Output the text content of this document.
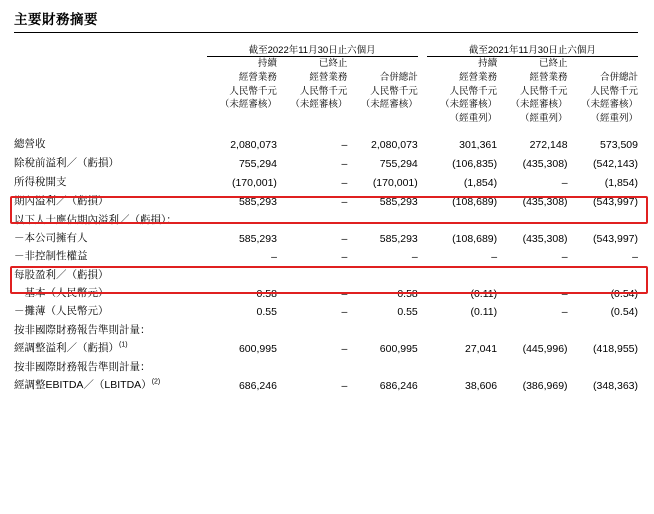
主要財務摘要
	截至2022年11月30日止六個月				截至2021年11月30日止六個月		
	持續	已終止			持續	已終止	
	經營業務	經營業務	合併總計		經營業務	經營業務	合併總計
	人民幣千元	人民幣千元	人民幣千元		人民幣千元	人民幣千元	人民幣千元
	（未經審核）	（未經審核）	（未經審核）		（未經審核）	（未經審核）	（未經審核）
					（經重列）	（經重列）	（經重列）

總營收	2,080,073	–	2,080,073		301,361	272,148	573,509
除稅前溢利／（虧損）	755,294	–	755,294		(106,835)	(435,308)	(542,143)
所得稅開支	(170,001)	–	(170,001)		(1,854)	–	(1,854)
期內溢利／（虧損）	585,293	–	585,293		(108,689)	(435,308)	(543,997)
以下人士應佔期內溢利／（虧損）：							
－本公司擁有人	585,293	–	585,293		(108,689)	(435,308)	(543,997)
－非控制性權益	–	–	–		–	–	–
每股盈利／（虧損）							
－基本（人民幣元）	0.58	–	0.58		(0.11)	–	(0.54)
－攤薄（人民幣元）	0.55	–	0.55		(0.11)	–	(0.54)
按非國際財務報告準則計量：							
經調整溢利／（虧損）$^{(1)}$	600,995	–	600,995		27,041	(445,996)	(418,955)
按非國際財務報告準則計量：							
經調整EBITDA／（LBITDA）$^{(2)}$	686,246	–	686,246		38,606	(386,969)	(348,363)
